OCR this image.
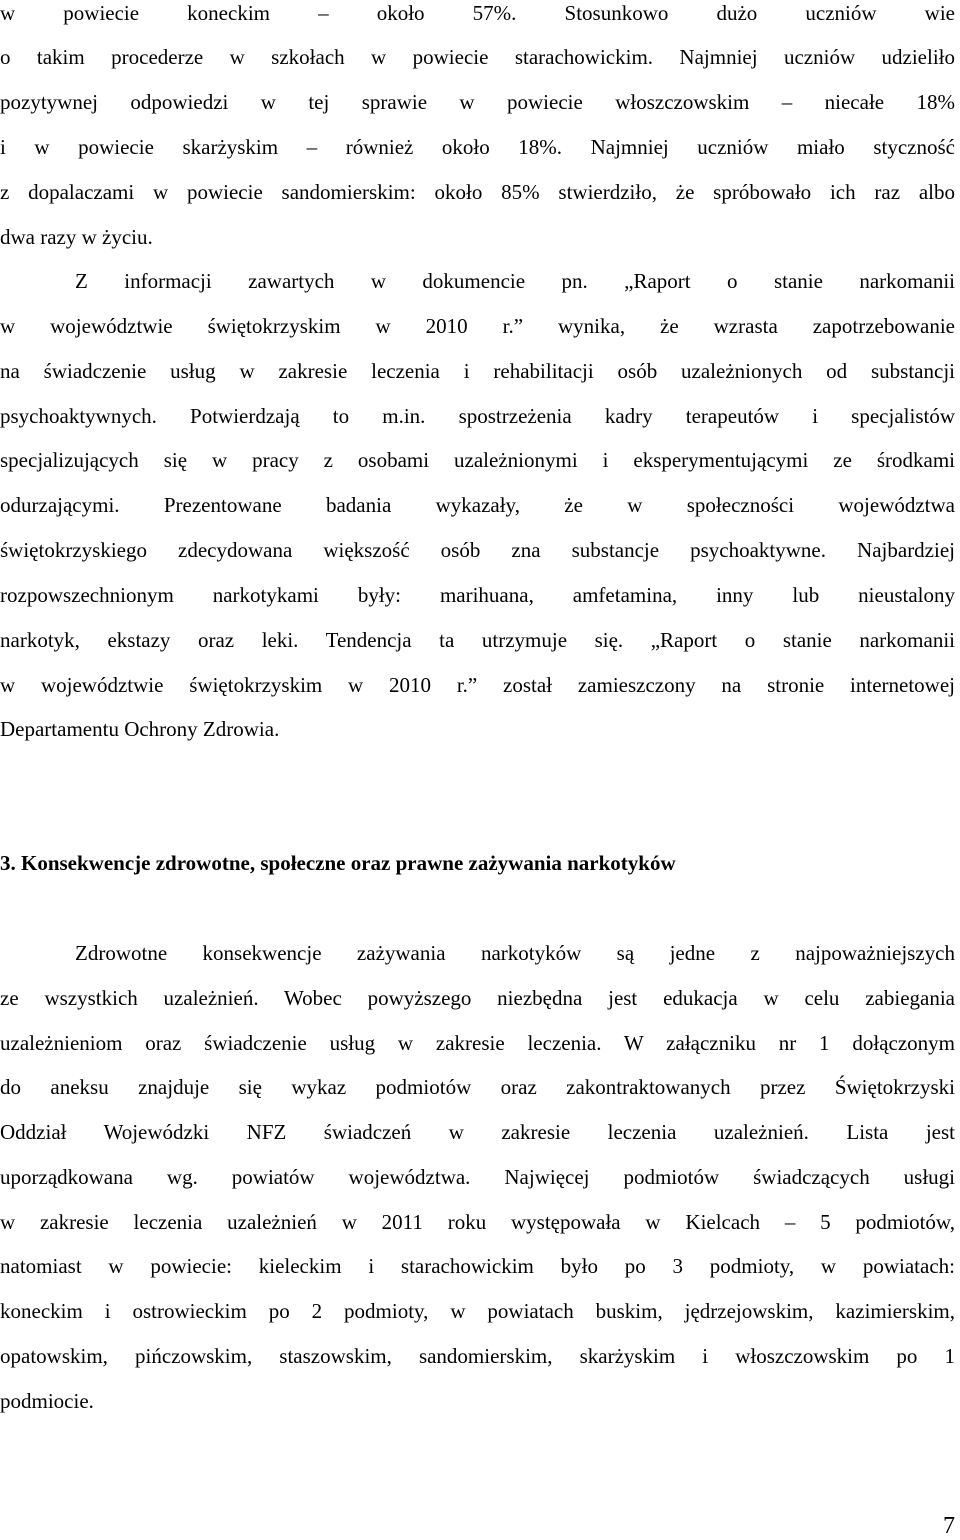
w powiecie koneckim – około 57%. Stosunkowo dużo uczniów wie
o takim procederze w szkołach w powiecie starachowickim. Najmniej uczniów udzieliło
pozytywnej odpowiedzi w tej sprawie w powiecie włoszczowskim – niecałe 18%
i w powiecie skarżyskim – również około 18%. Najmniej uczniów miało styczność
z dopalaczami w powiecie sandomierskim: około 85% stwierdziło, że spróbowało ich raz albo
dwa razy w życiu.
Z informacji zawartych w dokumencie pn. „Raport o stanie narkomanii
w województwie świętokrzyskim w 2010 r.” wynika, że wzrasta zapotrzebowanie
na świadczenie usług w zakresie leczenia i rehabilitacji osób uzależnionych od substancji
psychoaktywnych. Potwierdzają to m.in. spostrzeżenia kadry terapeutów i specjalistów
specjalizujących się w pracy z osobami uzależnionymi i eksperymentującymi ze środkami
odurzającymi. Prezentowane badania wykazały, że w społeczności województwa
świętokrzyskiego zdecydowana większość osób zna substancje psychoaktywne. Najbardziej
rozpowszechnionym narkotykami były: marihuana, amfetamina, inny lub nieustalony
narkotyk, ekstazy oraz leki. Tendencja ta utrzymuje się. „Raport o stanie narkomanii
w województwie świętokrzyskim w 2010 r.” został zamieszczony na stronie internetowej
Departamentu Ochrony Zdrowia.
3. Konsekwencje zdrowotne, społeczne oraz prawne zażywania narkotyków
Zdrowotne konsekwencje zażywania narkotyków są jedne z najpoważniejszych
ze wszystkich uzależnień. Wobec powyższego niezbędna jest edukacja w celu zabiegania
uzależnieniom oraz świadczenie usług w zakresie leczenia. W załączniku nr 1 dołączonym
do aneksu znajduje się wykaz podmiotów oraz zakontraktowanych przez Świętokrzyski
Oddział Wojewódzki NFZ świadczeń w zakresie leczenia uzależnień. Lista jest
uporządkowana wg. powiatów województwa. Najwięcej podmiotów świadczących usługi
w zakresie leczenia uzależnień w 2011 roku występowała w Kielcach – 5 podmiotów,
natomiast w powiecie: kieleckim i starachowickim było po 3 podmioty, w powiatach:
koneckim i ostrowieckim po 2 podmioty, w powiatach buskim, jędrzejowskim, kazimierskim,
opatowskim, pińczowskim, staszowskim, sandomierskim, skarżyskim i włoszczowskim po 1
podmiocie.
7
